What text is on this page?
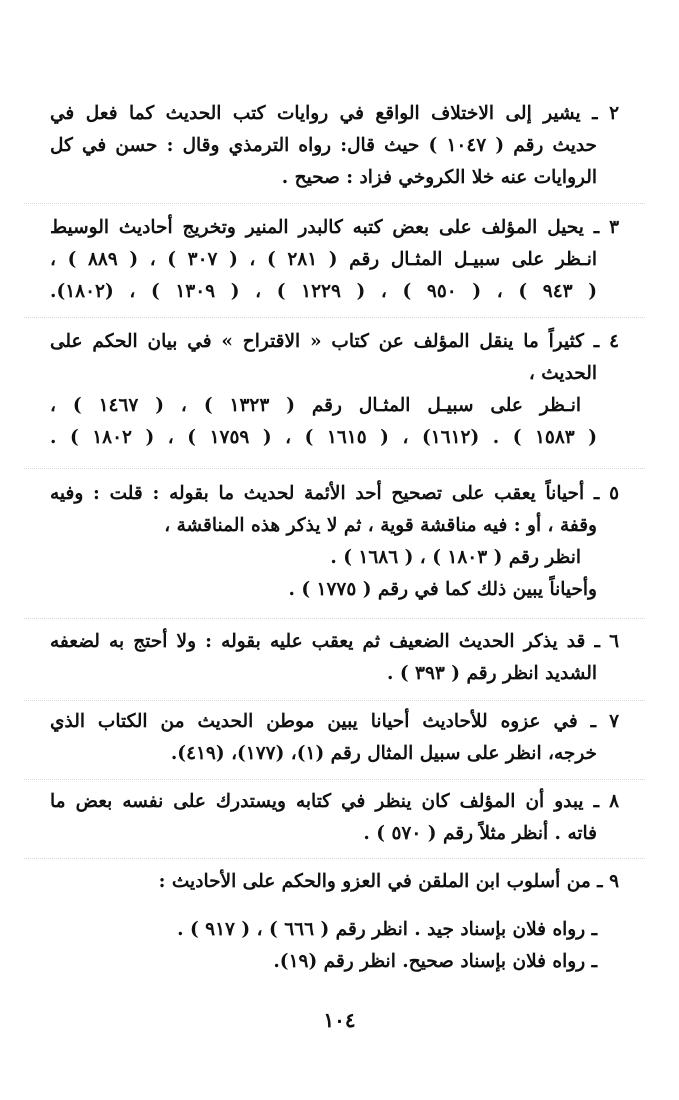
٢ ـ يشير إلى الاختلاف الواقع في روايات كتب الحديث كما فعل في
حديث رقم ( ١٠٤٧ ) حيث قال: رواه الترمذي وقال : حسن في كل
الروايات عنه خلا الكروخي فزاد : صحيح .
٣ ـ يحيل المؤلف على بعض كتبه كالبدر المنير وتخريج أحاديث الوسيط
انـظر على سبيـل المثـال رقم ( ٢٨١ ) ، ( ٣٠٧ ) ، ( ٨٨٩ ) ،
( ٩٤٣ ) ، ( ٩٥٠ ) ، ( ١٢٢٩ ) ، ( ١٣٠٩ ) ، (١٨٠٢).
٤ ـ كثيراً ما ينقل المؤلف عن كتاب « الاقتراح » في بيان الحكم على
الحديث ،
انـظر على سبيـل المثـال رقم ( ١٣٢٣ ) ، ( ١٤٦٧ ) ،
( ١٥٨٣ ) . (١٦١٢) ، ( ١٦١٥ ) ، ( ١٧٥٩ ) ، ( ١٨٠٢ ) .
٥ ـ أحياناً يعقب على تصحيح أحد الأئمة لحديث ما بقوله : قلت : وفيه
وقفة ، أو : فيه مناقشة قوية ، ثم لا يذكر هذه المناقشة ،
انظر رقم ( ١٨٠٣ ) ، ( ١٦٨٦ ) .
وأحياناً يبين ذلك كما في رقم ( ١٧٧٥ ) .
٦ ـ قد يذكر الحديث الضعيف ثم يعقب عليه بقوله : ولا أحتج به لضعفه
الشديد انظر رقم ( ٣٩٣ ) .
٧ ـ في عزوه للأحاديث أحيانا يبين موطن الحديث من الكتاب الذي
خرجه، انظر على سبيل المثال رقم (١)، (١٧٧)، (٤١٩).
٨ ـ يبدو أن المؤلف كان ينظر في كتابه ويستدرك على نفسه بعض ما
فاته . أنظر مثلاً رقم ( ٥٧٠ ) .
٩ ـ من أسلوب ابن الملقن في العزو والحكم على الأحاديث :
ـ رواه فلان بإسناد جيد . انظر رقم ( ٦٦٦ ) ، ( ٩١٧ ) .
ـ رواه فلان بإسناد صحيح. انظر رقم (١٩).
١٠٤
